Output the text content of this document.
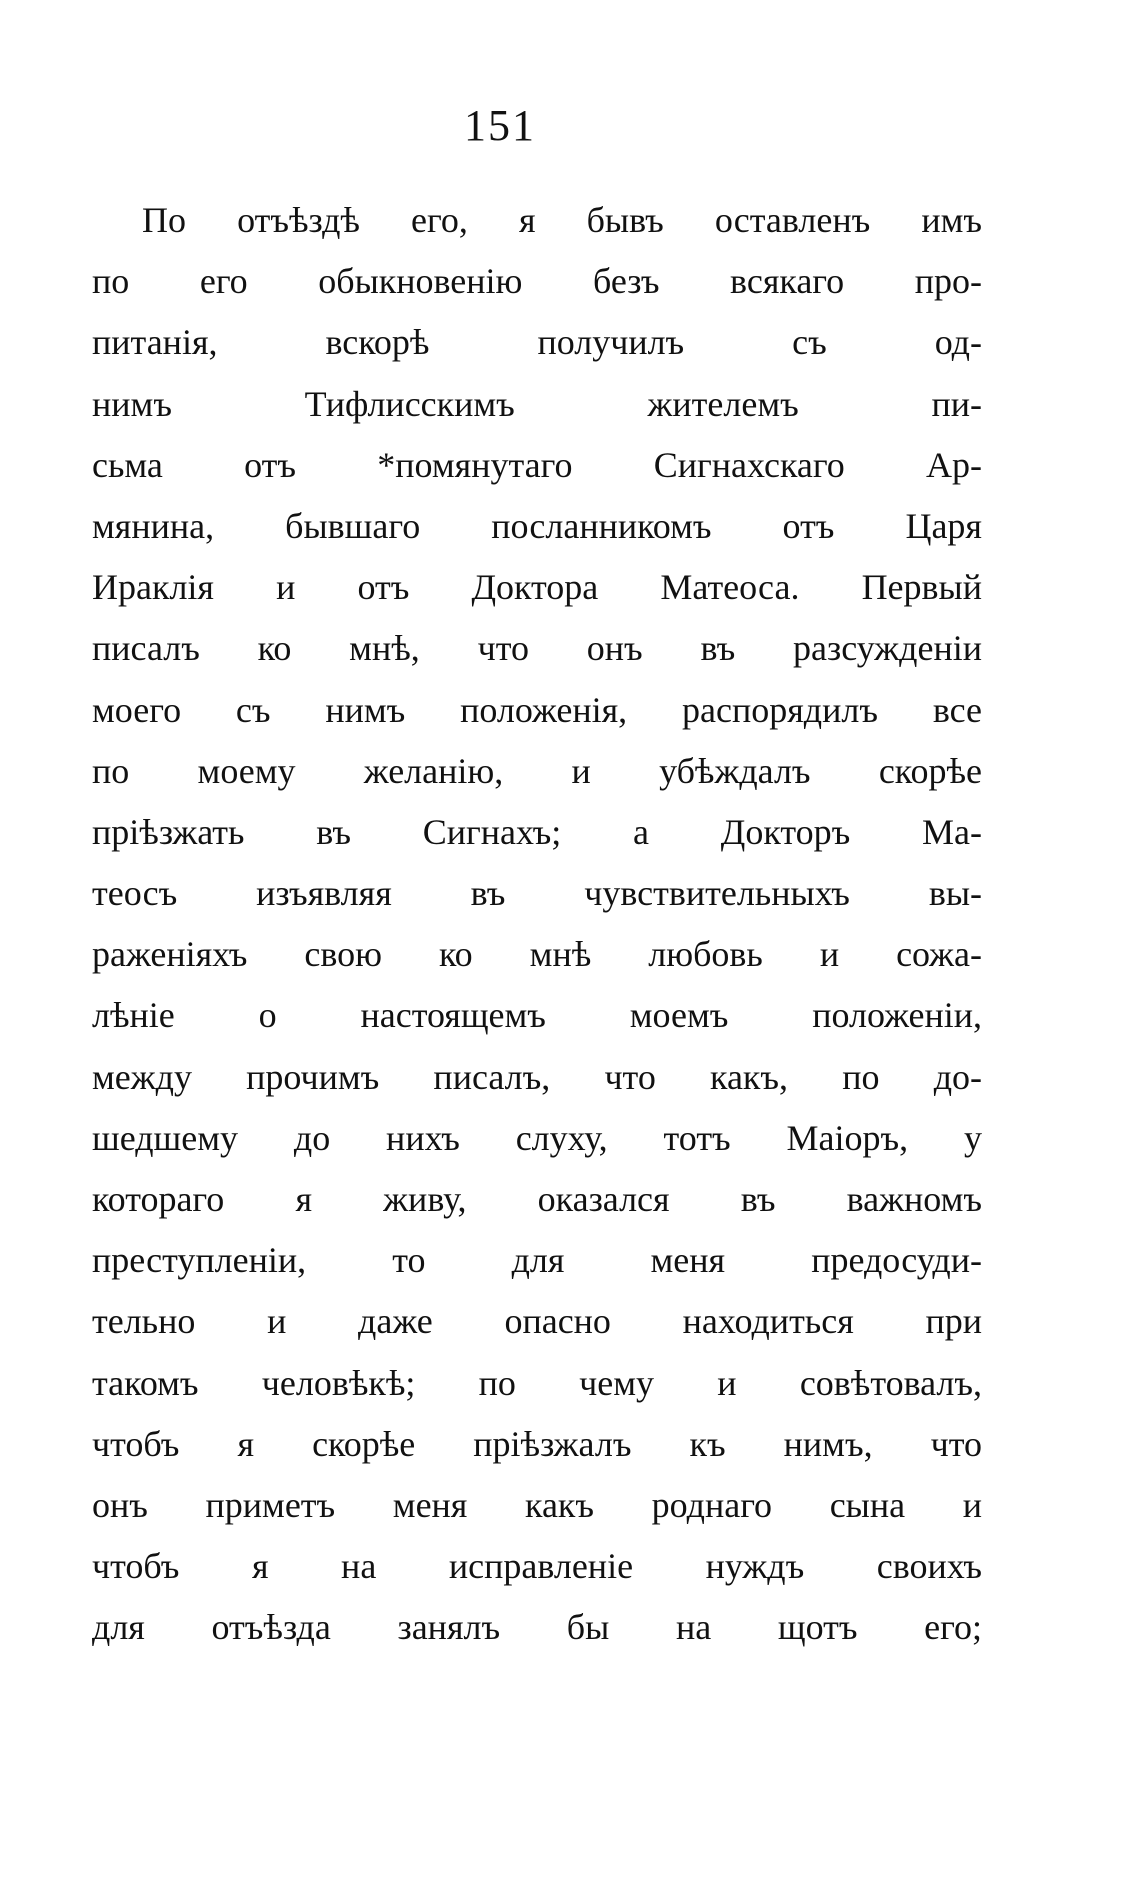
151
По отъѣздѣ его, я бывъ оставленъ имъ
по его обыкновенію безъ всякаго про-
питанія, вскорѣ получилъ съ од-
нимъ Тифлисскимъ жителемъ пи-
сьма отъ *помянутаго Сигнахскаго Ар-
мянина, бывшаго посланникомъ отъ Царя
Ираклія и отъ Доктора Матеоса. Первый
писалъ ко мнѣ, что онъ въ разсужденіи
моего съ нимъ положенія, распорядилъ все
по моему желанію, и убѣждалъ скорѣе
пріѣзжать въ Сигнахъ; а Докторъ Ма-
теосъ изъявляя въ чувствительныхъ вы-
раженіяхъ свою ко мнѣ любовь и сожа-
лѣніе о настоящемъ моемъ положеніи,
между прочимъ писалъ, что какъ, по до-
шедшему до нихъ слуху, тотъ Маіоръ, у
котораго я живу, оказался въ важномъ
преступленіи, то для меня предосуди-
тельно и даже опасно находиться при
такомъ человѣкѣ; по чему и совѣтовалъ,
чтобъ я скорѣе пріѣзжалъ къ нимъ, что
онъ приметъ меня какъ роднаго сына и
чтобъ я на исправленіе нуждъ своихъ
для отъѣзда занялъ бы на щотъ его;
